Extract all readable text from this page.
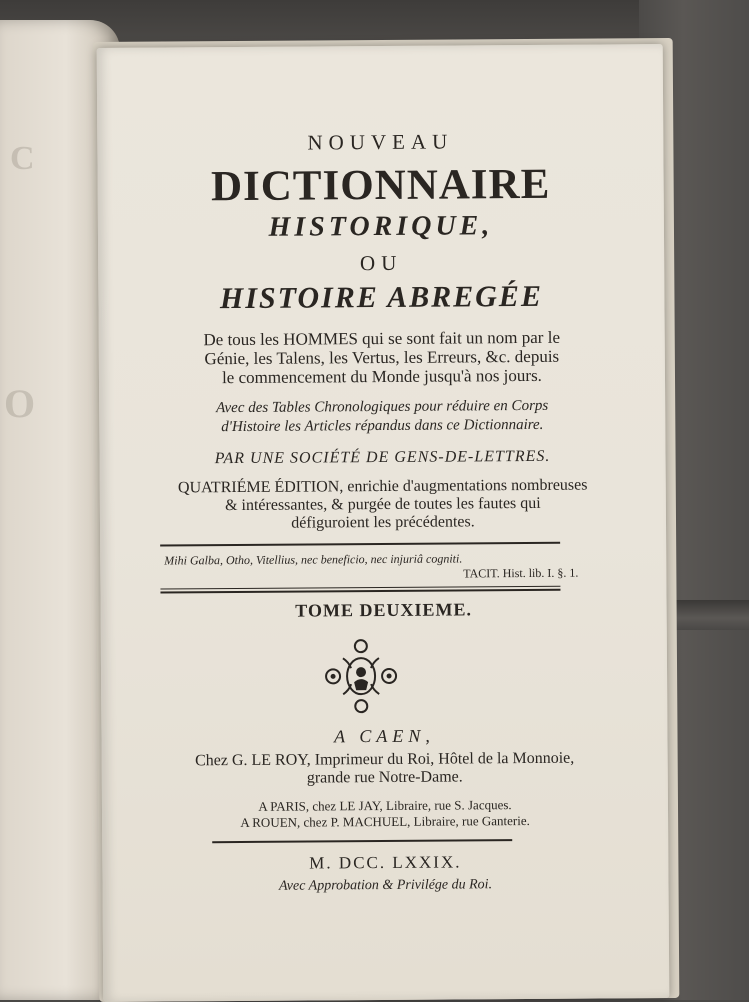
C
O
NOUVEAU
DICTIONNAIRE
HISTORIQUE,
OU
HISTOIRE ABREGÉE
De tous les HOMMES qui se sont fait un nom par le
Génie, les Talens, les Vertus, les Erreurs, &c. depuis
le commencement du Monde jusqu'à nos jours.
Avec des Tables Chronologiques pour réduire en Corps
d'Histoire les Articles répandus dans ce Dictionnaire.
PAR UNE SOCIÉTÉ DE GENS-DE-LETTRES.
QUATRIÉME ÉDITION, enrichie d'augmentations nombreuses
& intéressantes, & purgée de toutes les fautes qui
défiguroient les précédentes.
Mihi Galba, Otho, Vitellius, nec beneficio, nec injuriâ cogniti.
TACIT. Hist. lib. I. §. 1.
TOME DEUXIEME.
A CAEN,
Chez G. LE ROY, Imprimeur du Roi, Hôtel de la Monnoie,
grande rue Notre-Dame.
A PARIS, chez LE JAY, Libraire, rue S. Jacques.
A ROUEN, chez P. MACHUEL, Libraire, rue Ganterie.
M. DCC. LXXIX.
Avec Approbation & Privilége du Roi.
